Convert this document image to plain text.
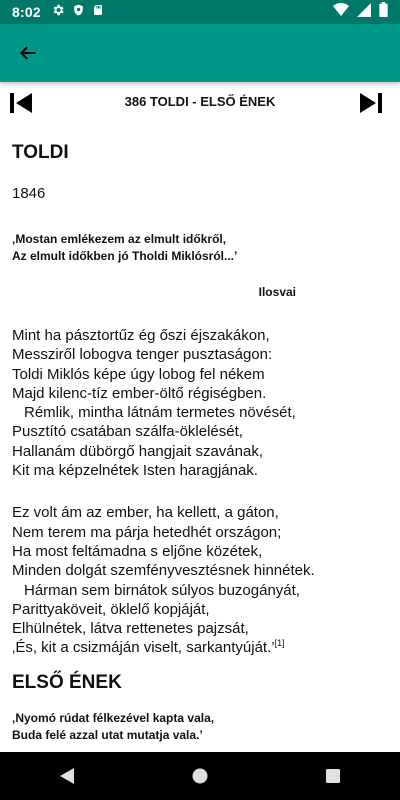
8:02
386 TOLDI - ELSŐ ÉNEK
TOLDI
1846
‚Mostan emlékezem az elmult időkről,
Az elmult időkben jó Tholdi Miklósról...’
Ilosvai
Mint ha pásztortűz ég őszi éjszakákon,
Messziről lobogva tenger pusztaságon:
Toldi Miklós képe úgy lobog fel nékem
Majd kilenc-tíz ember-öltő régiségben.
Rémlik, mintha látnám termetes növését,
Pusztító csatában szálfa-öklelését,
Hallanám dübörgő hangjait szavának,
Kit ma képzelnétek Isten haragjának.
Ez volt ám az ember, ha kellett, a gáton,
Nem terem ma párja hetedhét országon;
Ha most feltámadna s eljőne közétek,
Minden dolgát szemfényvesztésnek hinnétek.
Hárman sem birnátok súlyos buzogányát,
Parittyaköveit, öklelő kopjáját,
Elhülnétek, látva rettenetes pajzsát,
‚És, kit a csizmáján viselt, sarkantyúját.’[1]
ELSŐ ÉNEK
‚Nyomó rúdat félkezével kapta vala,
Buda felé azzal utat mutatja vala.’
